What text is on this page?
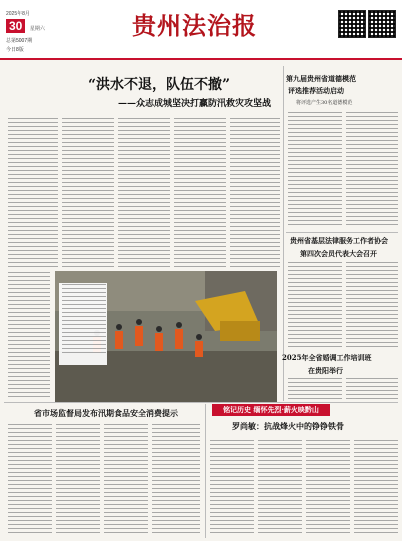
2025年8月
30 星期六
总第5007期
今日8版
贵州法治报
“洪水不退，队伍不撤”
——众志成城坚决打赢防汛救灾攻坚战
第九届贵州省道德模范
评选推荐活动启动
将评选产生30名道德模范
贵州省基层法律服务工作者协会
第四次会员代表大会召开
2025年全省婚调工作培训班
在贵阳举行
省市场监督局发布汛期食品安全消费提示	铭记历史 缅怀先烈·薪火映黔山
罗尚敏：抗战烽火中的铮铮铁骨
